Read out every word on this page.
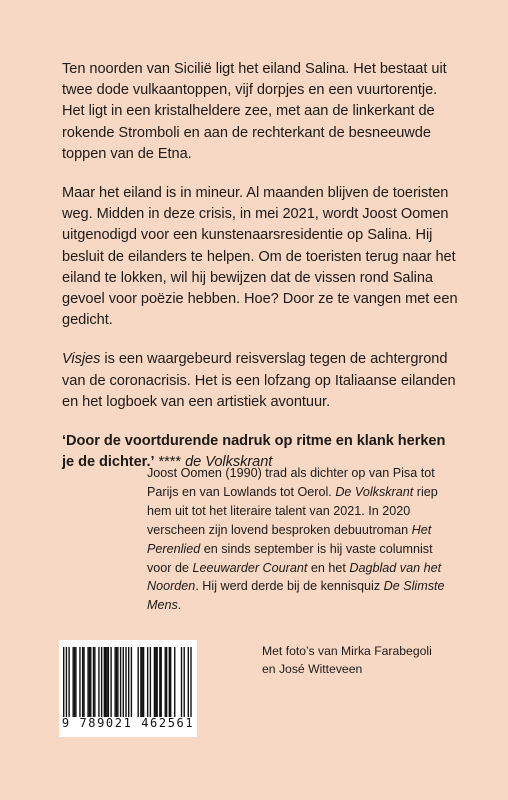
Ten noorden van Sicilië ligt het eiland Salina. Het bestaat uit twee dode vulkaantoppen, vijf dorpjes en een vuurtorentje. Het ligt in een kristalheldere zee, met aan de linkerkant de rokende Stromboli en aan de rechterkant de besneeuwde toppen van de Etna.

Maar het eiland is in mineur. Al maanden blijven de toeristen weg. Midden in deze crisis, in mei 2021, wordt Joost Oomen uitgenodigd voor een kunstenaarsresidentie op Salina. Hij besluit de eilanders te helpen. Om de toeristen terug naar het eiland te lokken, wil hij bewijzen dat de vissen rond Salina gevoel voor poëzie hebben. Hoe? Door ze te vangen met een gedicht.

Visjes is een waargebeurd reisverslag tegen de achtergrond van de coronacrisis. Het is een lofzang op Italiaanse eilanden en het logboek van een artistiek avontuur.

‘Door de voortdurende nadruk op ritme en klank herken je de dichter.’ **** de Volkskrant

Joost Oomen (1990) trad als dichter op van Pisa tot Parijs en van Lowlands tot Oerol. De Volkskrant riep hem uit tot het literaire talent van 2021. In 2020 verscheen zijn lovend besproken debuutroman Het Perenlied en sinds september is hij vaste columnist voor de Leeuwarder Courant en het Dagblad van het Noorden. Hij werd derde bij de kennisquiz De Slimste Mens.

Met foto’s van Mirka Farabegoli

en José Witteveen

9 789021 462561
